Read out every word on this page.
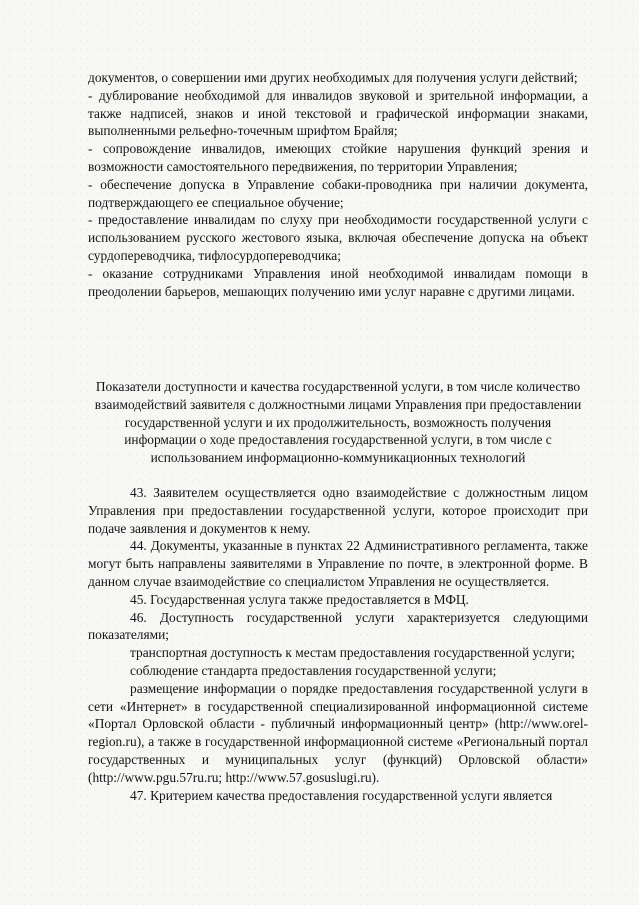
документов, о совершении ими других необходимых для получения услуги действий;

- дублирование необходимой для инвалидов звуковой и зрительной информации, а также надписей, знаков и иной текстовой и графической информации знаками, выполненными рельефно-точечным шрифтом Брайля;

- сопровождение инвалидов, имеющих стойкие нарушения функций зрения и возможности самостоятельного передвижения, по территории Управления;

- обеспечение допуска в Управление собаки-проводника при наличии документа, подтверждающего ее специальное обучение;

- предоставление инвалидам по слуху при необходимости государственной услуги с использованием русского жестового языка, включая обеспечение допуска на объект сурдопереводчика, тифлосурдопереводчика;

- оказание сотрудниками Управления иной необходимой инвалидам помощи в преодолении барьеров, мешающих получению ими услуг наравне с другими лицами.

Показатели доступности и качества государственной услуги, в том числе количество взаимодействий заявителя с должностными лицами Управления при предоставлении государственной услуги и их продолжительность, возможность получения информации о ходе предоставления государственной услуги, в том числе с использованием информационно-коммуникационных технологий

43. Заявителем осуществляется одно взаимодействие с должностным лицом Управления при предоставлении государственной услуги, которое происходит при подаче заявления и документов к нему.

44. Документы, указанные в пунктах 22 Административного регламента, также могут быть направлены заявителями в Управление по почте, в электронной форме. В данном случае взаимодействие со специалистом Управления не осуществляется.

45. Государственная услуга также предоставляется в МФЦ.

46. Доступность государственной услуги характеризуется следующими показателями;

транспортная доступность к местам предоставления государственной услуги;

соблюдение стандарта предоставления государственной услуги;

размещение информации о порядке предоставления государственной услуги в сети «Интернет» в государственной специализированной информационной системе «Портал Орловской области - публичный информационный центр» (http://www.orel-region.ru), а также в государственной информационной системе «Региональный портал государственных и муниципальных услуг (функций) Орловской области» (http://www.pgu.57ru.ru; http://www.57.gosuslugi.ru).

47. Критерием качества предоставления государственной услуги является
